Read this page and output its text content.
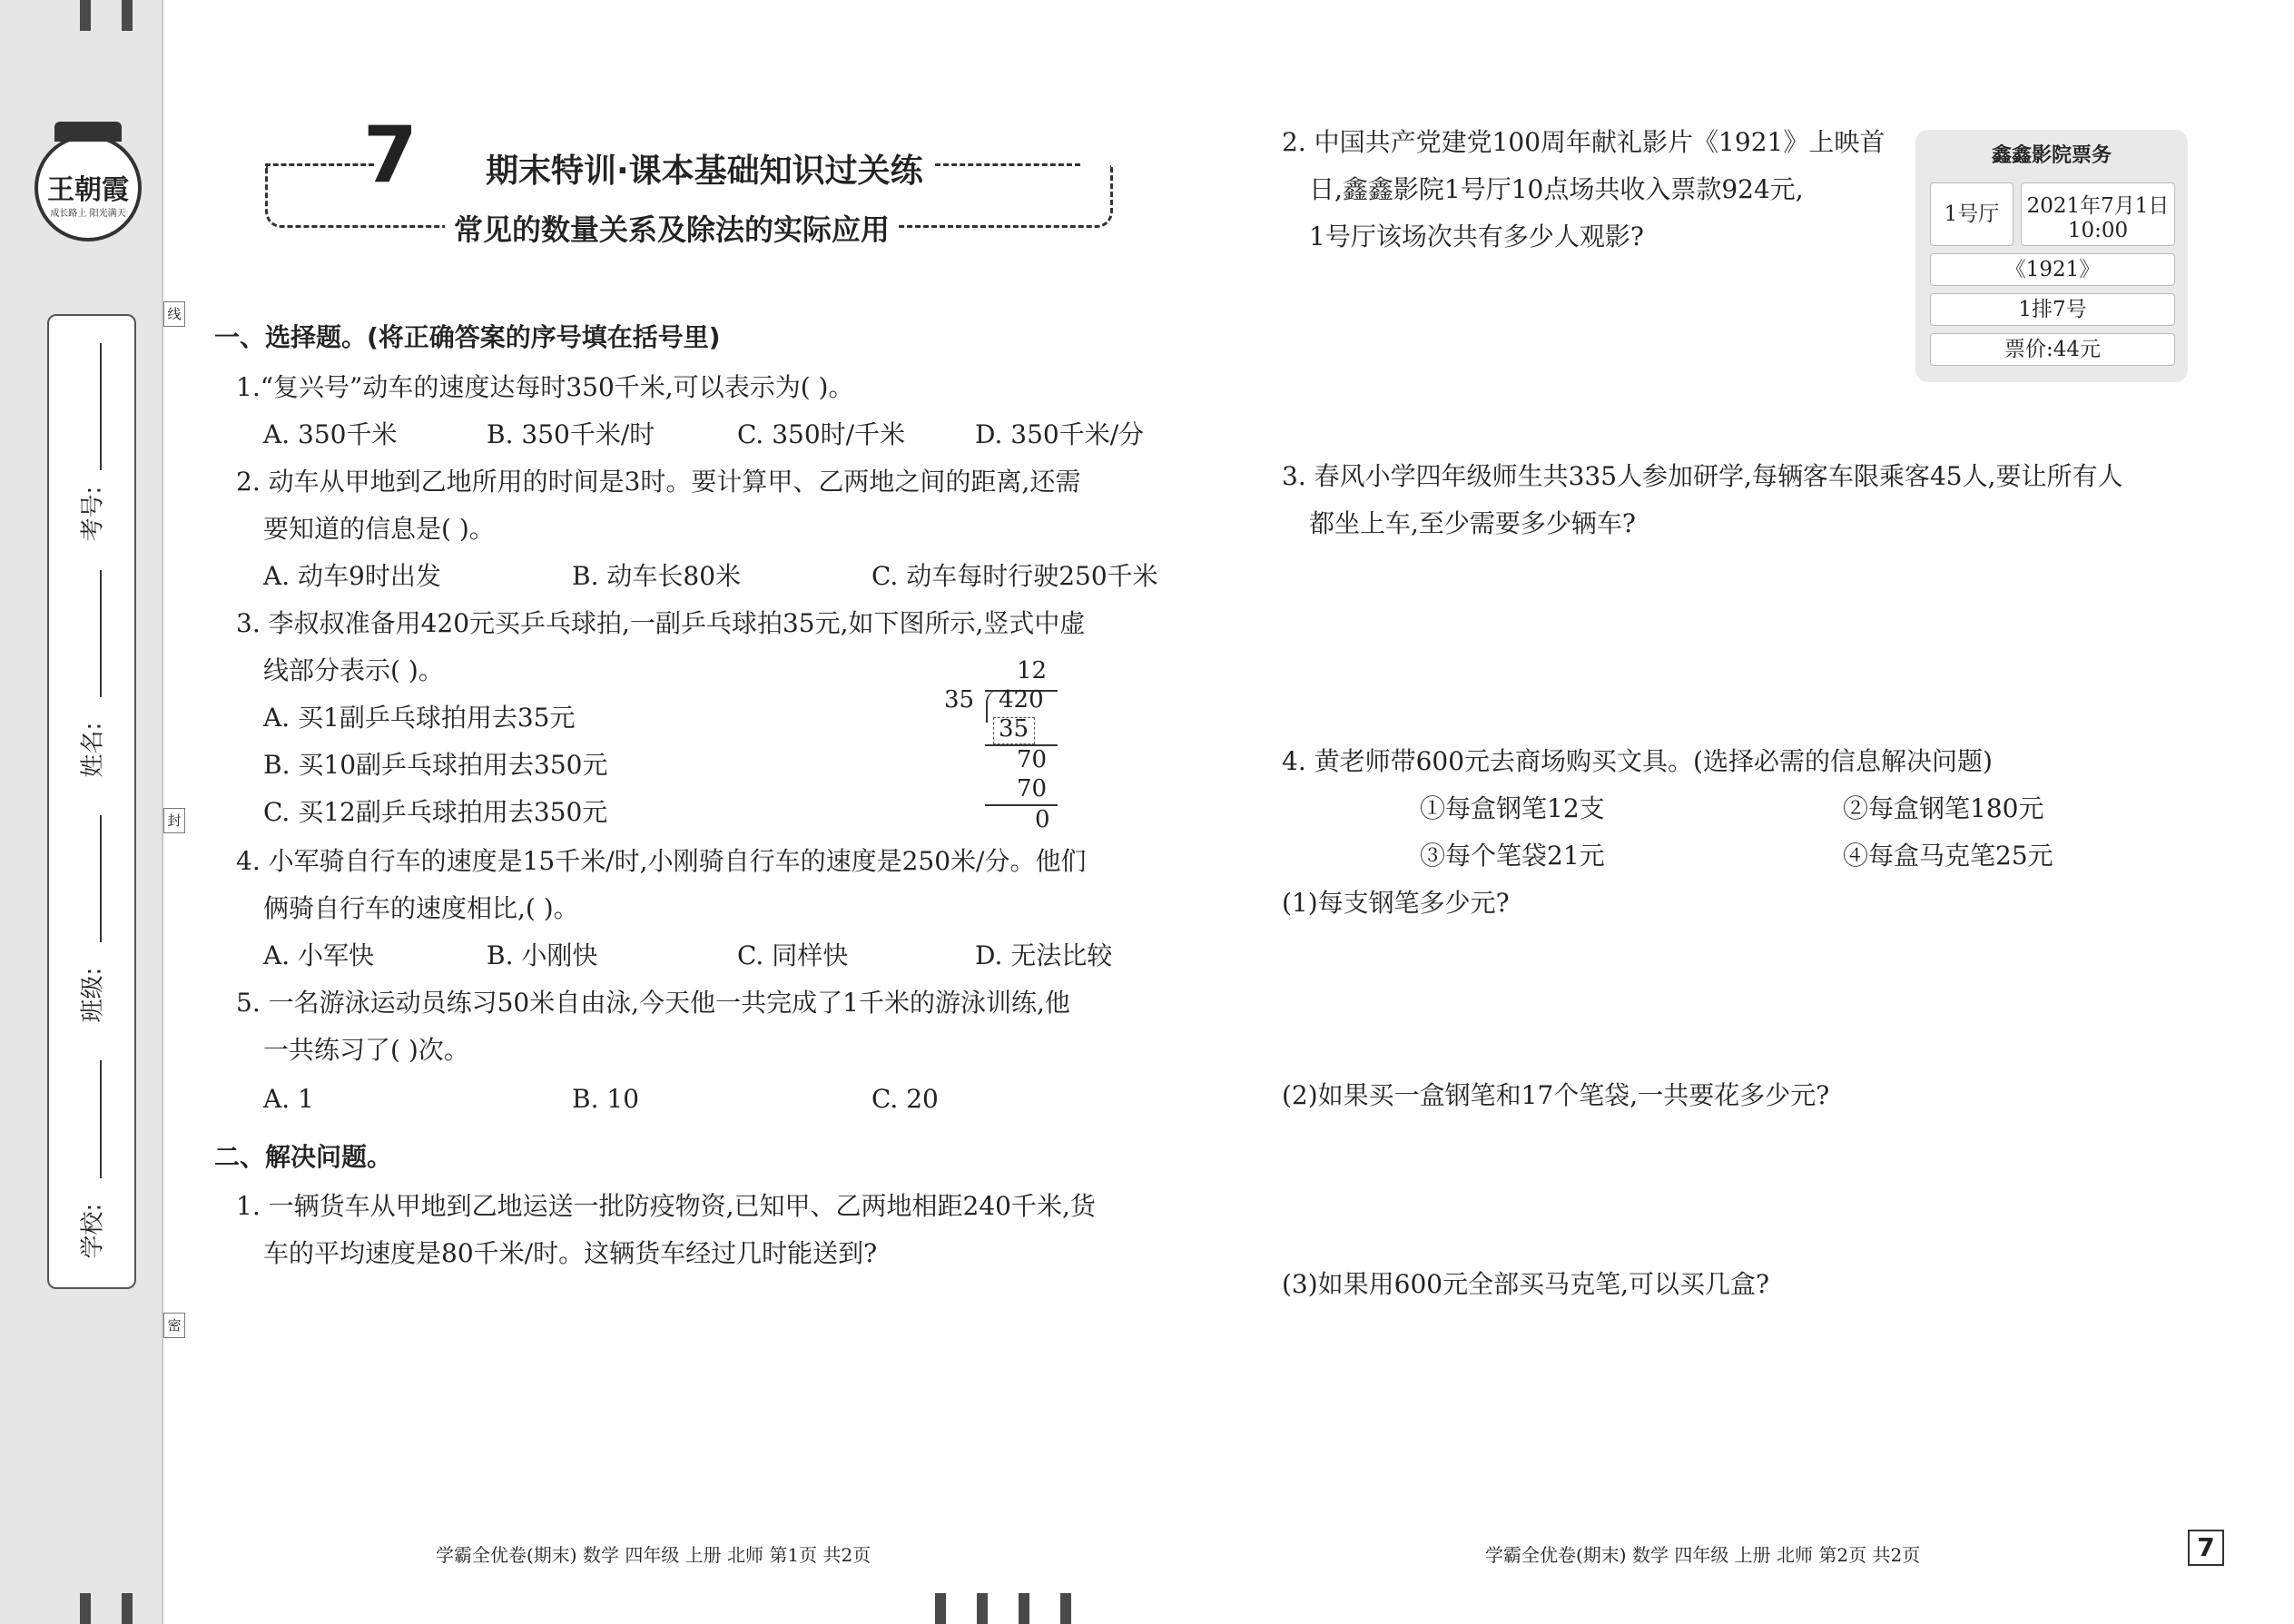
王朝霞
成长路上 阳光满天
考号:
姓名:
班级:
学校:
线
封
密
7 期末特训·课本基础知识过关练
常见的数量关系及除法的实际应用
一、选择题。(将正确答案的序号填在括号里)
1.“复兴号”动车的速度达每时350千米,可以表示为( )。
A. 350千米	B. 350千米/时	C. 350时/千米	D. 350千米/分
2. 动车从甲地到乙地所用的时间是3时。要计算甲、乙两地之间的距离,还需
要知道的信息是( )。
A. 动车9时出发	B. 动车长80米	C. 动车每时行驶250千米
3. 李叔叔准备用420元买乒乓球拍,一副乒乓球拍35元,如下图所示,竖式中虚
线部分表示( )。
A. 买1副乒乓球拍用去35元
B. 买10副乒乓球拍用去350元
C. 买12副乒乓球拍用去350元
12
35 420
35
70
70
0
4. 小军骑自行车的速度是15千米/时,小刚骑自行车的速度是250米/分。他们
俩骑自行车的速度相比,( )。
A. 小军快	B. 小刚快	C. 同样快	D. 无法比较
5. 一名游泳运动员练习50米自由泳,今天他一共完成了1千米的游泳训练,他
一共练习了( )次。
A. 1	B. 10	C. 20
二、解决问题。
1. 一辆货车从甲地到乙地运送一批防疫物资,已知甲、乙两地相距240千米,货
车的平均速度是80千米/时。这辆货车经过几时能送到?
2. 中国共产党建党100周年献礼影片《1921》上映首
日,鑫鑫影院1号厅10点场共收入票款924元,
1号厅该场次共有多少人观影?
鑫鑫影院票务
1号厅	2021年7月1日
10:00
《1921》
1排7号
票价:44元
3. 春风小学四年级师生共335人参加研学,每辆客车限乘客45人,要让所有人
都坐上车,至少需要多少辆车?
4. 黄老师带600元去商场购买文具。(选择必需的信息解决问题)
①每盒钢笔12支	②每盒钢笔180元
③每个笔袋21元	④每盒马克笔25元
(1)每支钢笔多少元?
(2)如果买一盒钢笔和17个笔袋,一共要花多少元?
(3)如果用600元全部买马克笔,可以买几盒?
学霸全优卷(期末) 数学 四年级 上册 北师 第1页 共2页	学霸全优卷(期末) 数学 四年级 上册 北师 第2页 共2页	7
